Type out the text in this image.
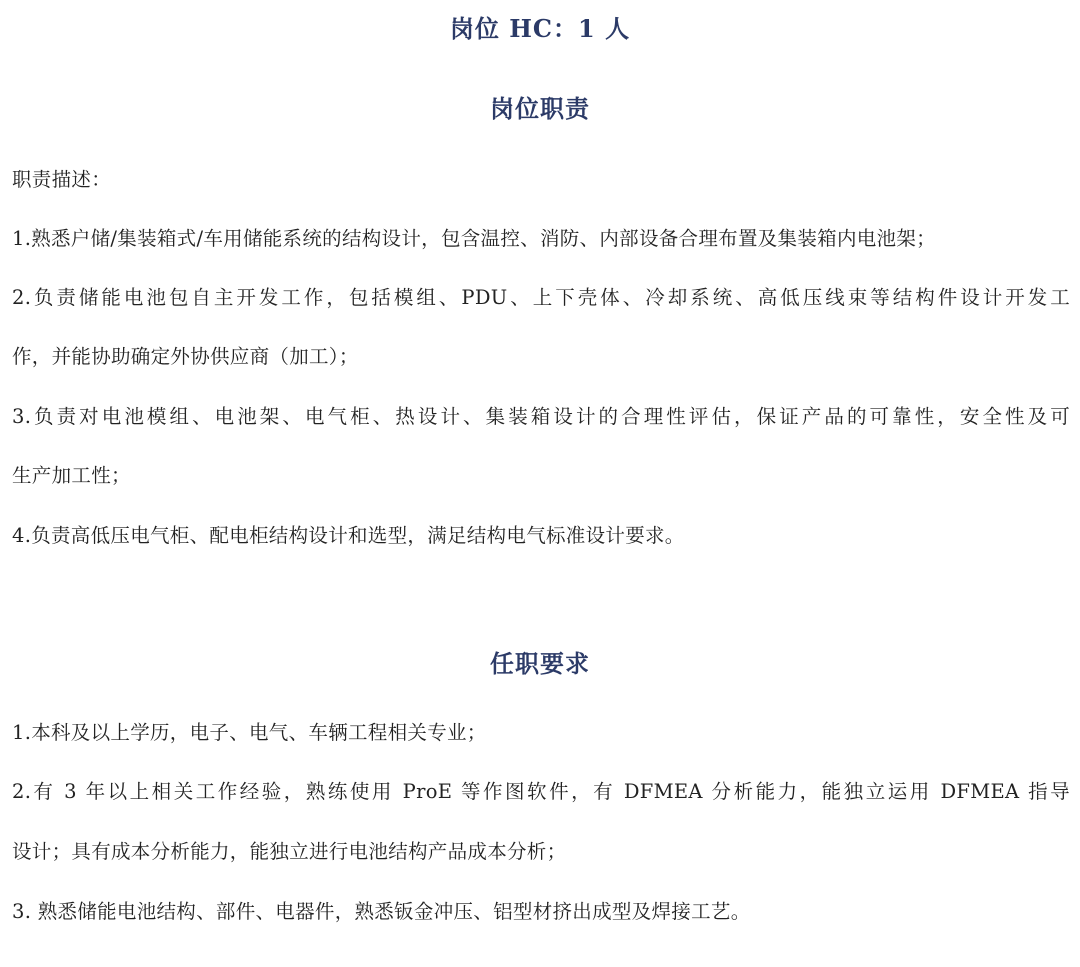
岗位 HC：1 人
岗位职责
职责描述：
1.熟悉户储/集装箱式/车用储能系统的结构设计，包含温控、消防、内部设备合理布置及集装箱内电池架；
2.负责储能电池包自主开发工作，包括模组、PDU、上下壳体、冷却系统、高低压线束等结构件设计开发工
作，并能协助确定外协供应商（加工）；
3.负责对电池模组、电池架、电气柜、热设计、集装箱设计的合理性评估，保证产品的可靠性，安全性及可
生产加工性；
4.负责高低压电气柜、配电柜结构设计和选型，满足结构电气标准设计要求。
任职要求
1.本科及以上学历，电子、电气、车辆工程相关专业；
2.有 3 年以上相关工作经验，熟练使用 ProE 等作图软件，有 DFMEA 分析能力，能独立运用 DFMEA 指导
设计；具有成本分析能力，能独立进行电池结构产品成本分析；
3. 熟悉储能电池结构、部件、电器件，熟悉钣金冲压、铝型材挤出成型及焊接工艺。
